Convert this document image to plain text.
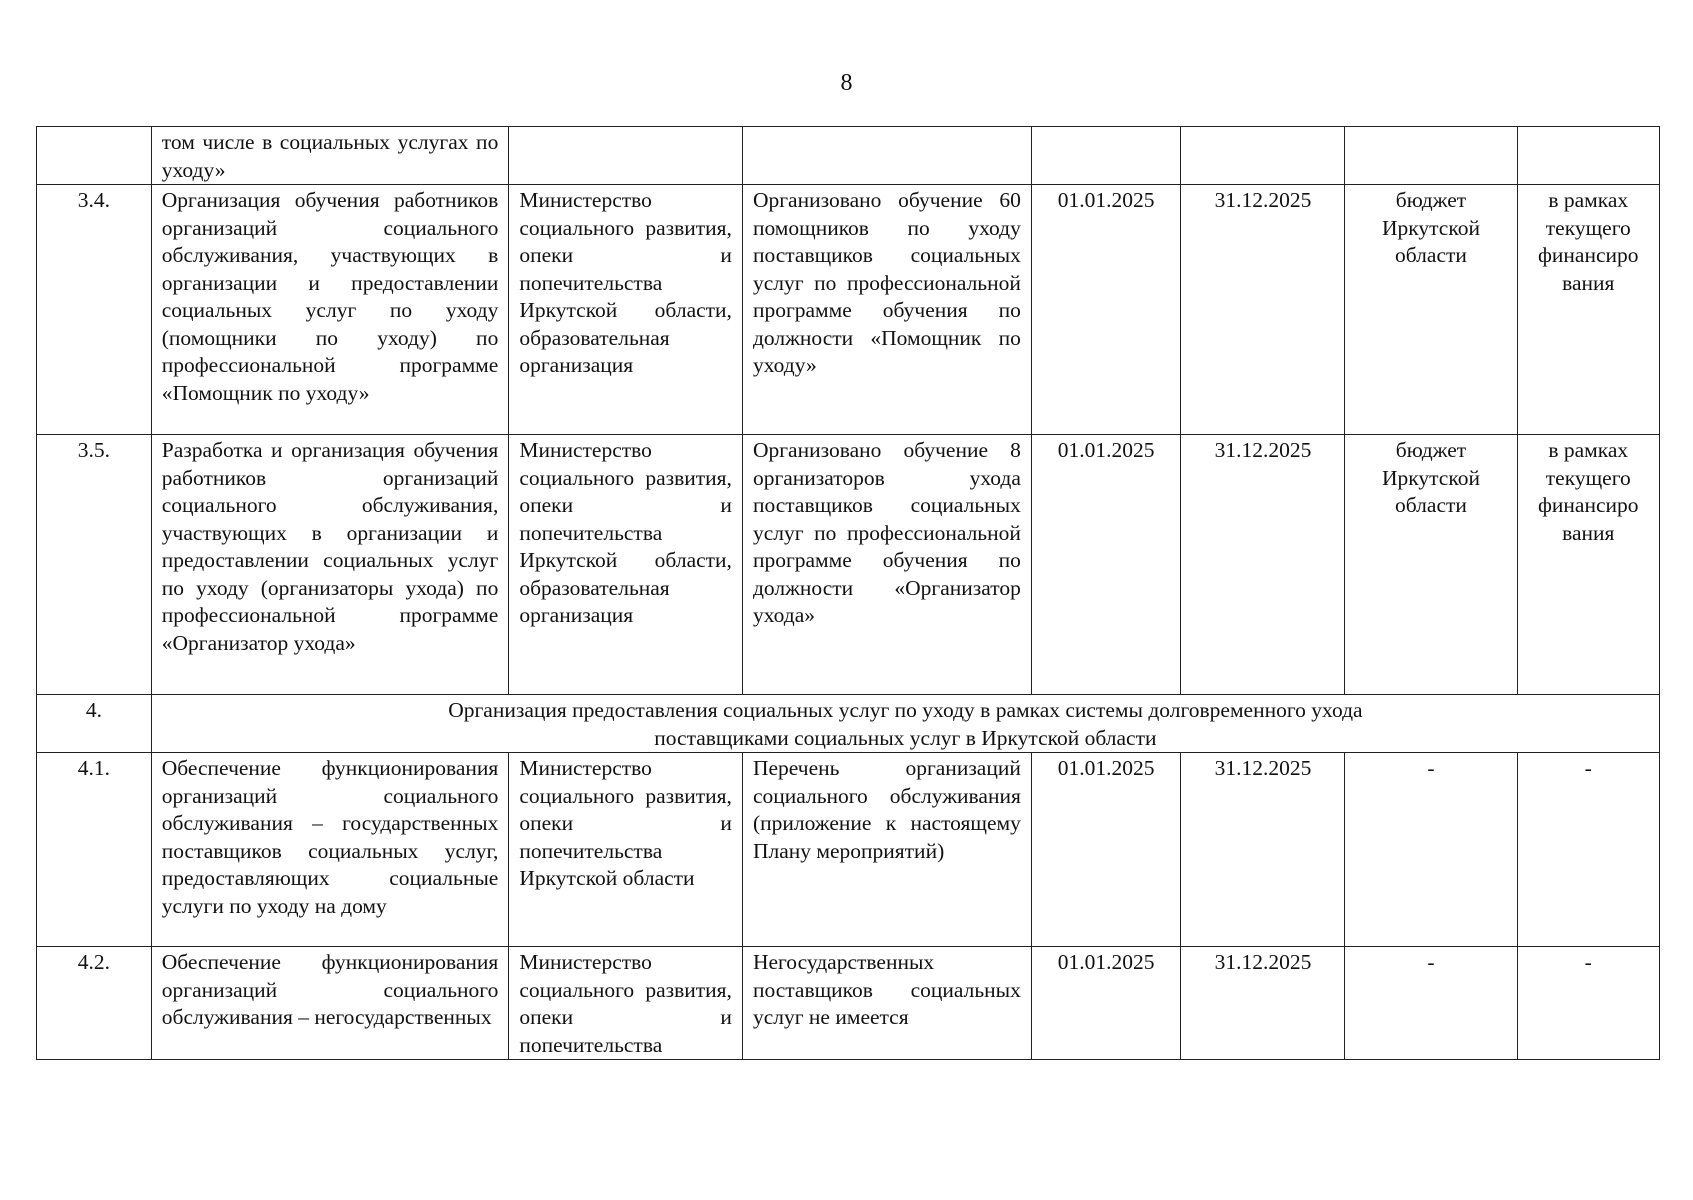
8
	том числе в социальных услугах по уходу»						
3.4.	Организация обучения работников организаций социального обслуживания, участвующих в организации и предоставлении социальных услуг по уходу (помощники по уходу) по профессиональной программе «Помощник по уходу»	Министерство социального развития, опеки и попечительства Иркутской области, образовательная организация	Организовано обучение 60 помощников по уходу поставщиков социальных услуг по профессиональной программе обучения по должности «Помощник по уходу»	01.01.2025	31.12.2025	бюджет Иркутской области	в рамках текущего финансиро вания
3.5.	Разработка и организация обучения работников организаций социального обслуживания, участвующих в организации и предоставлении социальных услуг по уходу (организаторы ухода) по профессиональной программе «Организатор ухода»	Министерство социального развития, опеки и попечительства Иркутской области, образовательная организация	Организовано обучение 8 организаторов ухода поставщиков социальных услуг по профессиональной программе обучения по должности «Организатор ухода»	01.01.2025	31.12.2025	бюджет Иркутской области	в рамках текущего финансиро вания
4.	Организация предоставления социальных услуг по уходу в рамках системы долговременного ухода
поставщиками социальных услуг в Иркутской области						

4.1.	Обеспечение функционирования организаций социального обслуживания – государственных поставщиков социальных услуг, предоставляющих социальные услуги по уходу на дому	Министерство социального развития, опеки и попечительства Иркутской области	Перечень организаций социального обслуживания (приложение к настоящему Плану мероприятий)	01.01.2025	31.12.2025	-	-
4.2.	Обеспечение функционирования организаций социального обслуживания – негосударственных	Министерство социального развития, опеки и попечительства	Негосударственных поставщиков социальных услуг не имеется	01.01.2025	31.12.2025	-	-
